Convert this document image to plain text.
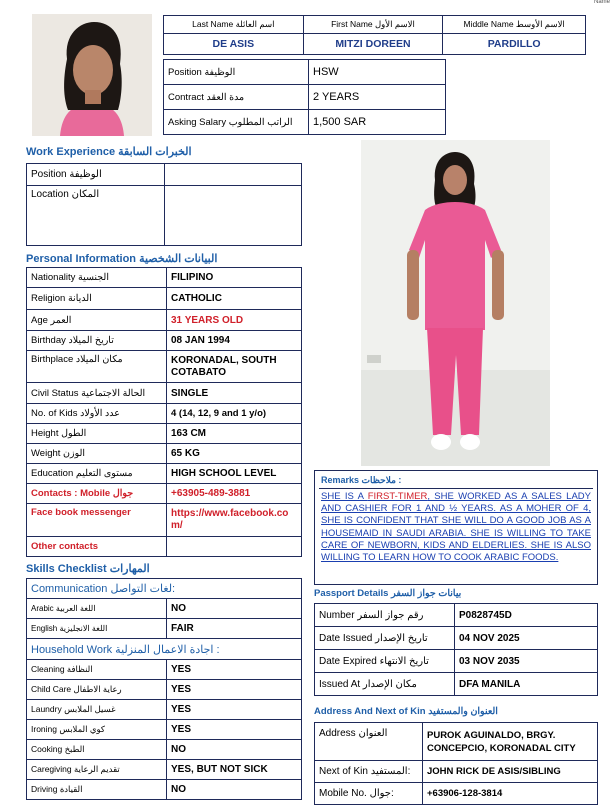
Name
Last Name اسم العائلة	First Name الاسم الأول	Middle Name الاسم الأوسط
DE ASIS	MITZI DOREEN	PARDILLO
Position الوظيفة	HSW
Contract مدة العقد	2 YEARS
Asking Salary الراتب المطلوب	1,500 SAR
Work Experience الخبرات السابقة
Position الوظيفة	
Location المكان	
Personal Information البيانات الشخصية
Nationality الجنسية	FILIPINO
Religion الديانة	CATHOLIC
Age العمر	31 YEARS OLD
Birthday تاريخ الميلاد	08 JAN 1994
Birthplace مكان الميلاد	KORONADAL, SOUTH COTABATO
Civil Status الحالة الاجتماعية	SINGLE
No. of Kids عدد الأولاد	4 (14, 12, 9 and 1 y/o)
Height الطول	163 CM
Weight الوزن	65 KG
Education مستوى التعليم	HIGH SCHOOL LEVEL
Contacts : Mobile جوال	+63905-489-3881
Face book messenger	https://www.facebook.com/
Other contacts	
Skills Checklist المهارات
Communication لغات التواصل:	
Arabic اللغة العربية	NO
English اللغة الانجليزية	FAIR
Household Work اجادة الاعمال المنزلية :	
Cleaning النظافة	YES
Child Care رعاية الاطفال	YES
Laundry غسيل الملابس	YES
Ironing كوي الملابس	YES
Cooking الطبخ	NO
Caregiving تقديم الرعاية	YES, BUT NOT SICK
Driving القيادة	NO
Remarks ملاحظات :
SHE IS A FIRST-TIMER, SHE WORKED AS A SALES LADY AND CASHIER FOR 1 AND ½ YEARS. AS A MOHER OF 4, SHE IS CONFIDENT THAT SHE WILL DO A GOOD JOB AS A HOUSEMAID IN SAUDI ARABIA. SHE IS WILLING TO TAKE CARE OF NEWBORN, KIDS AND ELDERLIES. SHE IS ALSO WILLING TO LEARN HOW TO COOK ARABIC FOODS.
Passport Details بيانات جواز السفر
Number رقم جواز السفر	P0828745D
Date Issued تاريخ الإصدار	04 NOV 2025
Date Expired تاريخ الانتهاء	03 NOV 2035
Issued At مكان الإصدار	DFA MANILA
Address And Next of Kin العنوان والمستفيد
Address العنوان	PUROK AGUINALDO, BRGY. CONCEPCIO, KORONADAL CITY
Next of Kin المستفيد:	JOHN RICK DE ASIS/SIBLING
Mobile No. جوال:	+63906-128-3814
